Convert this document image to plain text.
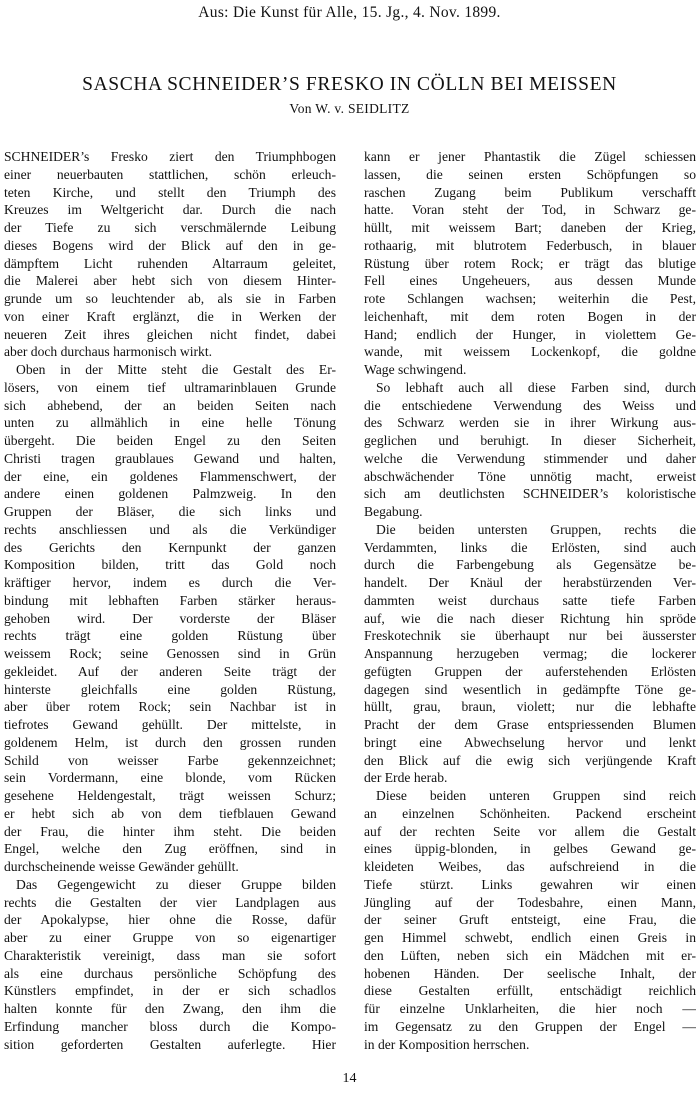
Aus: Die Kunst für Alle, 15. Jg., 4. Nov. 1899.
SASCHA SCHNEIDER’S FRESKO IN CÖLLN BEI MEISSEN
Von W. v. SEIDLITZ
SCHNEIDER’s Fresko ziert den Triumphbogen
einer neuerbauten stattlichen, schön erleuch-
teten Kirche, und stellt den Triumph des
Kreuzes im Weltgericht dar. Durch die nach
der Tiefe zu sich verschmälernde Leibung
dieses Bogens wird der Blick auf den in ge-
dämpftem Licht ruhenden Altarraum geleitet,
die Malerei aber hebt sich von diesem Hinter-
grunde um so leuchtender ab, als sie in Farben
von einer Kraft erglänzt, die in Werken der
neueren Zeit ihres gleichen nicht findet, dabei
aber doch durchaus harmonisch wirkt.
Oben in der Mitte steht die Gestalt des Er-
lösers, von einem tief ultramarinblauen Grunde
sich abhebend, der an beiden Seiten nach
unten zu allmählich in eine helle Tönung
übergeht. Die beiden Engel zu den Seiten
Christi tragen graublaues Gewand und halten,
der eine, ein goldenes Flammenschwert, der
andere einen goldenen Palmzweig. In den
Gruppen der Bläser, die sich links und
rechts anschliessen und als die Verkündiger
des Gerichts den Kernpunkt der ganzen
Komposition bilden, tritt das Gold noch
kräftiger hervor, indem es durch die Ver-
bindung mit lebhaften Farben stärker heraus-
gehoben wird. Der vorderste der Bläser
rechts trägt eine golden Rüstung über
weissem Rock; seine Genossen sind in Grün
gekleidet. Auf der anderen Seite trägt der
hinterste gleichfalls eine golden Rüstung,
aber über rotem Rock; sein Nachbar ist in
tiefrotes Gewand gehüllt. Der mittelste, in
goldenem Helm, ist durch den grossen runden
Schild von weisser Farbe gekennzeichnet;
sein Vordermann, eine blonde, vom Rücken
gesehene Heldengestalt, trägt weissen Schurz;
er hebt sich ab von dem tiefblauen Gewand
der Frau, die hinter ihm steht. Die beiden
Engel, welche den Zug eröffnen, sind in
durchscheinende weisse Gewänder gehüllt.
Das Gegengewicht zu dieser Gruppe bilden
rechts die Gestalten der vier Landplagen aus
der Apokalypse, hier ohne die Rosse, dafür
aber zu einer Gruppe von so eigenartiger
Charakteristik vereinigt, dass man sie sofort
als eine durchaus persönliche Schöpfung des
Künstlers empfindet, in der er sich schadlos
halten konnte für den Zwang, den ihm die
Erfindung mancher bloss durch die Kompo-
sition geforderten Gestalten auferlegte. Hier
kann er jener Phantastik die Zügel schiessen
lassen, die seinen ersten Schöpfungen so
raschen Zugang beim Publikum verschafft
hatte. Voran steht der Tod, in Schwarz ge-
hüllt, mit weissem Bart; daneben der Krieg,
rothaarig, mit blutrotem Federbusch, in blauer
Rüstung über rotem Rock; er trägt das blutige
Fell eines Ungeheuers, aus dessen Munde
rote Schlangen wachsen; weiterhin die Pest,
leichenhaft, mit dem roten Bogen in der
Hand; endlich der Hunger, in violettem Ge-
wande, mit weissem Lockenkopf, die goldne
Wage schwingend.
So lebhaft auch all diese Farben sind, durch
die entschiedene Verwendung des Weiss und
des Schwarz werden sie in ihrer Wirkung aus-
geglichen und beruhigt. In dieser Sicherheit,
welche die Verwendung stimmender und daher
abschwächender Töne unnötig macht, erweist
sich am deutlichsten SCHNEIDER’s koloristische
Begabung.
Die beiden untersten Gruppen, rechts die
Verdammten, links die Erlösten, sind auch
durch die Farbengebung als Gegensätze be-
handelt. Der Knäul der herabstürzenden Ver-
dammten weist durchaus satte tiefe Farben
auf, wie die nach dieser Richtung hin spröde
Freskotechnik sie überhaupt nur bei äusserster
Anspannung herzugeben vermag; die lockerer
gefügten Gruppen der auferstehenden Erlösten
dagegen sind wesentlich in gedämpfte Töne ge-
hüllt, grau, braun, violett; nur die lebhafte
Pracht der dem Grase entspriessenden Blumen
bringt eine Abwechselung hervor und lenkt
den Blick auf die ewig sich verjüngende Kraft
der Erde herab.
Diese beiden unteren Gruppen sind reich
an einzelnen Schönheiten. Packend erscheint
auf der rechten Seite vor allem die Gestalt
eines üppig-blonden, in gelbes Gewand ge-
kleideten Weibes, das aufschreiend in die
Tiefe stürzt. Links gewahren wir einen
Jüngling auf der Todesbahre, einen Mann,
der seiner Gruft entsteigt, eine Frau, die
gen Himmel schwebt, endlich einen Greis in
den Lüften, neben sich ein Mädchen mit er-
hobenen Händen. Der seelische Inhalt, der
diese Gestalten erfüllt, entschädigt reichlich
für einzelne Unklarheiten, die hier noch —
im Gegensatz zu den Gruppen der Engel —
in der Komposition herrschen.
14
